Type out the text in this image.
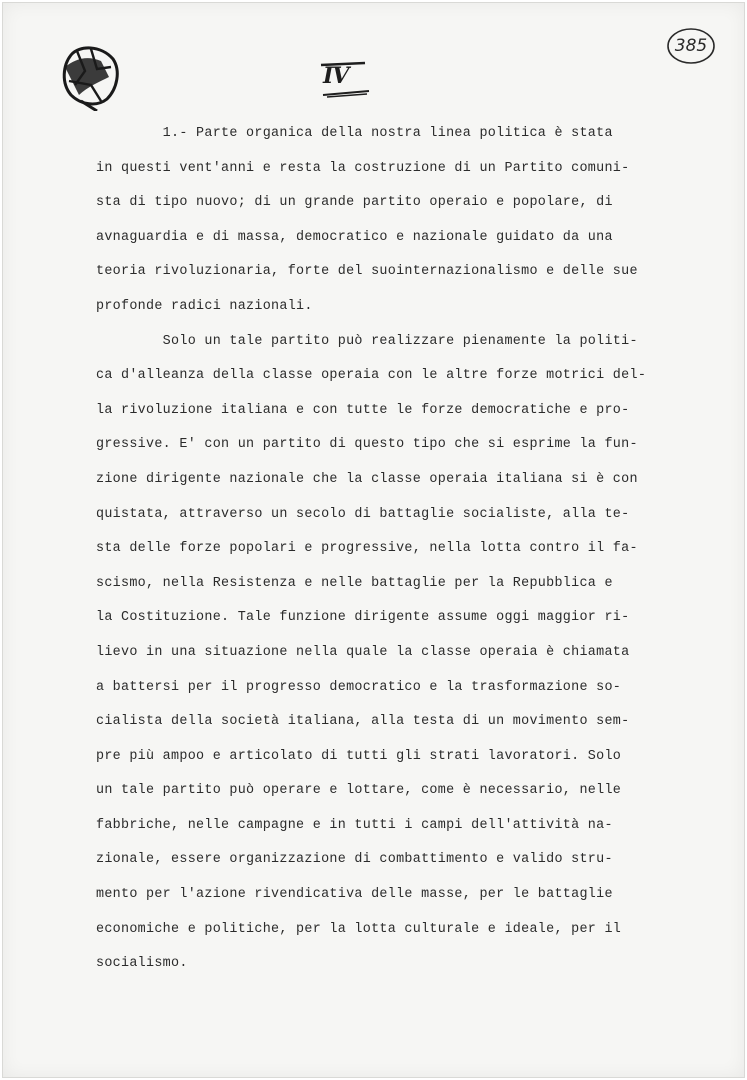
385
IV
1.- Parte organica della nostra linea politica è stata
in questi vent'anni e resta la costruzione di un Partito comuni-
sta di tipo nuovo; di un grande partito operaio e popolare, di
avnaguardia e di massa, democratico e nazionale guidato da una
teoria rivoluzionaria, forte del suointernazionalismo e delle sue
profonde radici nazionali.
Solo un tale partito può realizzare pienamente la politi-
ca d'alleanza della classe operaia con le altre forze motrici del-
la rivoluzione italiana e con tutte le forze democratiche e pro-
gressive. E' con un partito di questo tipo che si esprime la fun-
zione dirigente nazionale che la classe operaia italiana si è con
quistata, attraverso un secolo di battaglie socialiste, alla te-
sta delle forze popolari e progressive, nella lotta contro il fa-
scismo, nella Resistenza e nelle battaglie per la Repubblica e
la Costituzione. Tale funzione dirigente assume oggi maggior ri-
lievo in una situazione nella quale la classe operaia è chiamata
a battersi per il progresso democratico e la trasformazione so-
cialista della società italiana, alla testa di un movimento sem-
pre più ampoo e articolato di tutti gli strati lavoratori. Solo
un tale partito può operare e lottare, come è necessario, nelle
fabbriche, nelle campagne e in tutti i campi dell'attività na-
zionale, essere organizzazione di combattimento e valido stru-
mento per l'azione rivendicativa delle masse, per le battaglie
economiche e politiche, per la lotta culturale e ideale, per il
socialismo.
